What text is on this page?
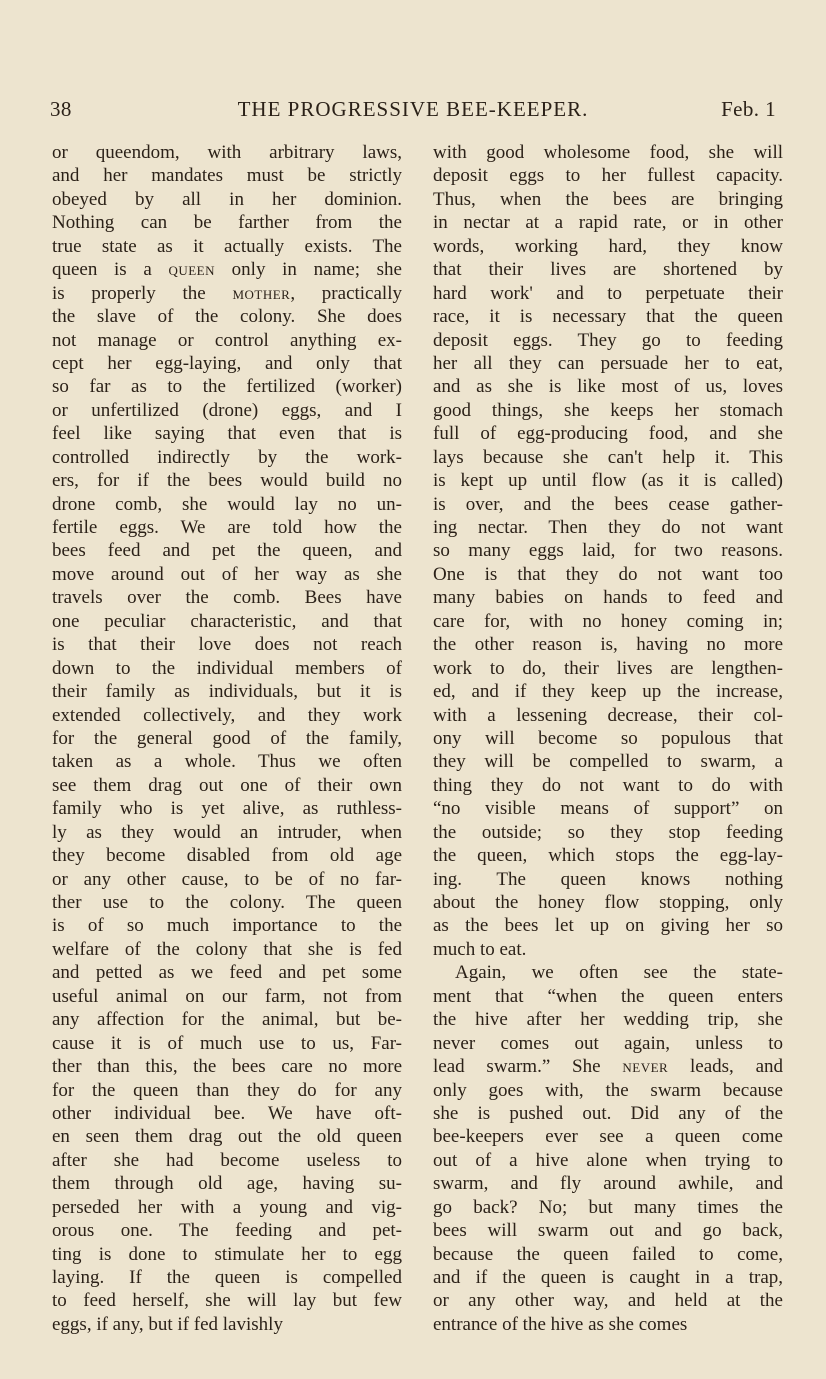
38	THE PROGRESSIVE BEE-KEEPER.	Feb. 1
or queendom, with arbitrary laws,
and her mandates must be strictly
obeyed by all in her dominion.
Nothing can be farther from the
true state as it actually exists. The
queen is a queen only in name; she
is properly the mother, practically
the slave of the colony. She does
not manage or control anything ex-
cept her egg-laying, and only that
so far as to the fertilized (worker)
or unfertilized (drone) eggs, and I
feel like saying that even that is
controlled indirectly by the work-
ers, for if the bees would build no
drone comb, she would lay no un-
fertile eggs. We are told how the
bees feed and pet the queen, and
move around out of her way as she
travels over the comb. Bees have
one peculiar characteristic, and that
is that their love does not reach
down to the individual members of
their family as individuals, but it is
extended collectively, and they work
for the general good of the family,
taken as a whole. Thus we often
see them drag out one of their own
family who is yet alive, as ruthless-
ly as they would an intruder, when
they become disabled from old age
or any other cause, to be of no far-
ther use to the colony. The queen
is of so much importance to the
welfare of the colony that she is fed
and petted as we feed and pet some
useful animal on our farm, not from
any affection for the animal, but be-
cause it is of much use to us, Far-
ther than this, the bees care no more
for the queen than they do for any
other individual bee. We have oft-
en seen them drag out the old queen
after she had become useless to
them through old age, having su-
perseded her with a young and vig-
orous one. The feeding and pet-
ting is done to stimulate her to egg
laying. If the queen is compelled
to feed herself, she will lay but few
eggs, if any, but if fed lavishly
with good wholesome food, she will
deposit eggs to her fullest capacity.
Thus, when the bees are bringing
in nectar at a rapid rate, or in other
words, working hard, they know
that their lives are shortened by
hard work' and to perpetuate their
race, it is necessary that the queen
deposit eggs. They go to feeding
her all they can persuade her to eat,
and as she is like most of us, loves
good things, she keeps her stomach
full of egg-producing food, and she
lays because she can't help it. This
is kept up until flow (as it is called)
is over, and the bees cease gather-
ing nectar. Then they do not want
so many eggs laid, for two reasons.
One is that they do not want too
many babies on hands to feed and
care for, with no honey coming in;
the other reason is, having no more
work to do, their lives are lengthen-
ed, and if they keep up the increase,
with a lessening decrease, their col-
ony will become so populous that
they will be compelled to swarm, a
thing they do not want to do with
“no visible means of support” on
the outside; so they stop feeding
the queen, which stops the egg-lay-
ing. The queen knows nothing
about the honey flow stopping, only
as the bees let up on giving her so
much to eat.
Again, we often see the state-
ment that “when the queen enters
the hive after her wedding trip, she
never comes out again, unless to
lead swarm.” She never leads, and
only goes with, the swarm because
she is pushed out. Did any of the
bee-keepers ever see a queen come
out of a hive alone when trying to
swarm, and fly around awhile, and
go back? No; but many times the
bees will swarm out and go back,
because the queen failed to come,
and if the queen is caught in a trap,
or any other way, and held at the
entrance of the hive as she comes
